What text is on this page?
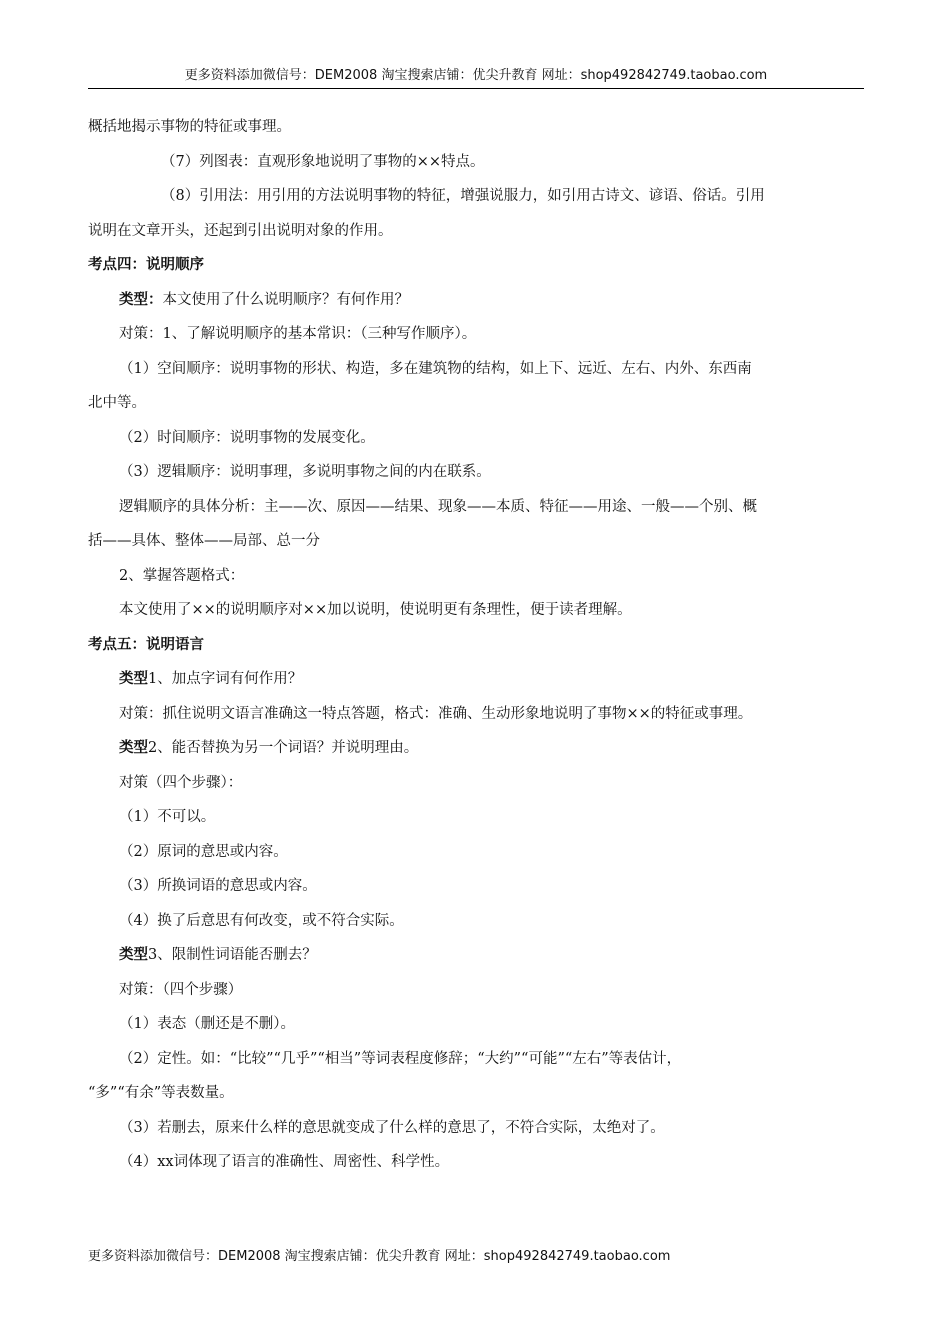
更多资料添加微信号：DEM2008 淘宝搜索店铺：优尖升教育 网址：shop492842749.taobao.com

概括地揭示事物的特征或事理。

（7）列图表：直观形象地说明了事物的××特点。

（8）引用法：用引用的方法说明事物的特征，增强说服力，如引用古诗文、谚语、俗话。引用

说明在文章开头，还起到引出说明对象的作用。

考点四：说明顺序

类型：本文使用了什么说明顺序？有何作用？

对策：1、了解说明顺序的基本常识：（三种写作顺序）。

（1）空间顺序：说明事物的形状、构造，多在建筑物的结构，如上下、远近、左右、内外、东西南

北中等。

（2）时间顺序：说明事物的发展变化。

（3）逻辑顺序：说明事理，多说明事物之间的内在联系。

逻辑顺序的具体分析：主——次、原因——结果、现象——本质、特征——用途、一般——个别、概

括——具体、整体——局部、总一分

2、掌握答题格式：

本文使用了××的说明顺序对××加以说明，使说明更有条理性，便于读者理解。

考点五：说明语言

类型1、加点字词有何作用？

对策：抓住说明文语言准确这一特点答题，格式：准确、生动形象地说明了事物××的特征或事理。

类型2、能否替换为另一个词语？并说明理由。

对策（四个步骤）：

（1）不可以。

（2）原词的意思或内容。

（3）所换词语的意思或内容。

（4）换了后意思有何改变，或不符合实际。

类型3、限制性词语能否删去？

对策：（四个步骤）

（1）表态（删还是不删）。

（2）定性。如：“比较”“几乎”“相当”等词表程度修辞；“大约”“可能”“左右”等表估计，

“多”“有余”等表数量。

（3）若删去，原来什么样的意思就变成了什么样的意思了，不符合实际，太绝对了。

（4）xx词体现了语言的准确性、周密性、科学性。

更多资料添加微信号：DEM2008 淘宝搜索店铺：优尖升教育 网址：shop492842749.taobao.com
